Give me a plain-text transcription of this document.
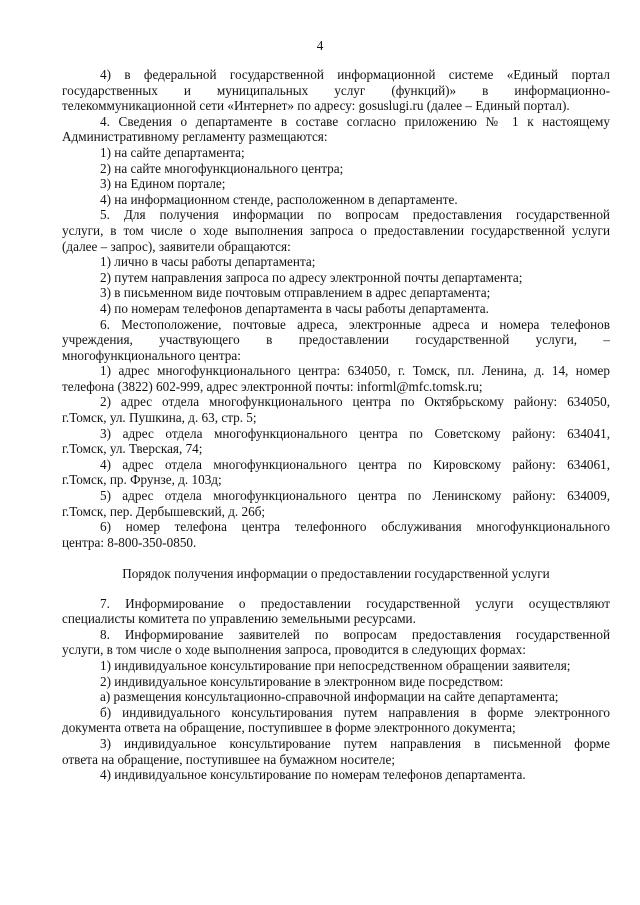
4
4) в федеральной государственной информационной системе «Единый портал
государственных и муниципальных услуг (функций)» в информационно-
телекоммуникационной сети «Интернет» по адресу: gosuslugi.ru (далее – Единый портал).
4. Сведения о департаменте в составе согласно приложению № 1 к настоящему
Административному регламенту размещаются:
1) на сайте департамента;
2) на сайте многофункционального центра;
3) на Едином портале;
4) на информационном стенде, расположенном в департаменте.
5. Для получения информации по вопросам предоставления государственной
услуги, в том числе о ходе выполнения запроса о предоставлении государственной услуги
(далее – запрос), заявители обращаются:
1) лично в часы работы департамента;
2) путем направления запроса по адресу электронной почты департамента;
3) в письменном виде почтовым отправлением в адрес департамента;
4) по номерам телефонов департамента в часы работы департамента.
6. Местоположение, почтовые адреса, электронные адреса и номера телефонов
учреждения, участвующего в предоставлении государственной услуги, –
многофункционального центра:
1) адрес многофункционального центра: 634050, г. Томск, пл. Ленина, д. 14, номер
телефона (3822) 602-999, адрес электронной почты: informl@mfc.tomsk.ru;
2) адрес отдела многофункционального центра по Октябрьскому району: 634050,
г.Томск, ул. Пушкина, д. 63, стр. 5;
3) адрес отдела многофункционального центра по Советскому району: 634041,
г.Томск, ул. Тверская, 74;
4) адрес отдела многофункционального центра по Кировскому району: 634061,
г.Томск, пр. Фрунзе, д. 103д;
5) адрес отдела многофункционального центра по Ленинскому району: 634009,
г.Томск, пер. Дербышевский, д. 26б;
6) номер телефона центра телефонного обслуживания многофункционального
центра: 8-800-350-0850.

Порядок получения информации о предоставлении государственной услуги

7. Информирование о предоставлении государственной услуги осуществляют
специалисты комитета по управлению земельными ресурсами.
8. Информирование заявителей по вопросам предоставления государственной
услуги, в том числе о ходе выполнения запроса, проводится в следующих формах:
1) индивидуальное консультирование при непосредственном обращении заявителя;
2) индивидуальное консультирование в электронном виде посредством:
а) размещения консультационно-справочной информации на сайте департамента;
б) индивидуального консультирования путем направления в форме электронного
документа ответа на обращение, поступившее в форме электронного документа;
3) индивидуальное консультирование путем направления в письменной форме
ответа на обращение, поступившее на бумажном носителе;
4) индивидуальное консультирование по номерам телефонов департамента.
